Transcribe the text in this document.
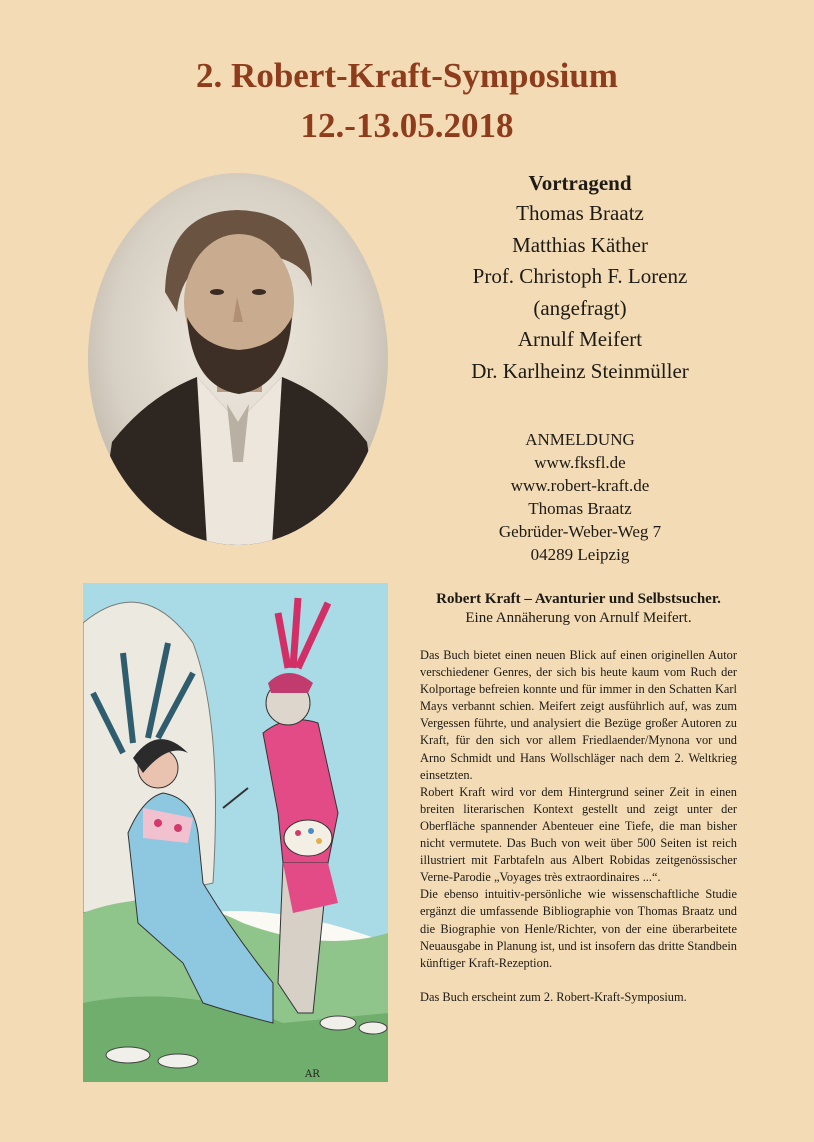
2. Robert-Kraft-Symposium
12.-13.05.2018
Vortragend
Thomas Braatz
Matthias Käther
Prof. Christoph F. Lorenz
(angefragt)
Arnulf Meifert
Dr. Karlheinz Steinmüller
ANMELDUNG
www.fksfl.de
www.robert-kraft.de
Thomas Braatz
Gebrüder-Weber-Weg 7
04289 Leipzig
AR
Robert Kraft – Avanturier und Selbstsucher.
Eine Annäherung von Arnulf Meifert.

Das Buch bietet einen neuen Blick auf einen originellen Autor verschiedener Genres, der sich bis heute kaum vom Ruch der Kolportage befreien konnte und für immer in den Schatten Karl Mays verbannt schien. Meifert zeigt ausführlich auf, was zum Vergessen führte, und analysiert die Bezüge großer Autoren zu Kraft, für den sich vor allem Friedlaender/Mynona vor und Arno Schmidt und Hans Wollschläger nach dem 2. Weltkrieg einsetzten.

Robert Kraft wird vor dem Hintergrund seiner Zeit in einen breiten literarischen Kontext gestellt und zeigt unter der Oberfläche spannender Abenteuer eine Tiefe, die man bisher nicht vermutete. Das Buch von weit über 500 Seiten ist reich illustriert mit Farbtafeln aus Albert Robidas zeitgenössischer Verne-Parodie „Voyages très extraordinaires ...“.

Die ebenso intuitiv-persönliche wie wissenschaftliche Studie ergänzt die umfassende Bibliographie von Thomas Braatz und die Biographie von Henle/Richter, von der eine überarbeitete Neuausgabe in Planung ist, und ist insofern das dritte Standbein künftiger Kraft-Rezeption.

Das Buch erscheint zum 2. Robert-Kraft-Symposium.
